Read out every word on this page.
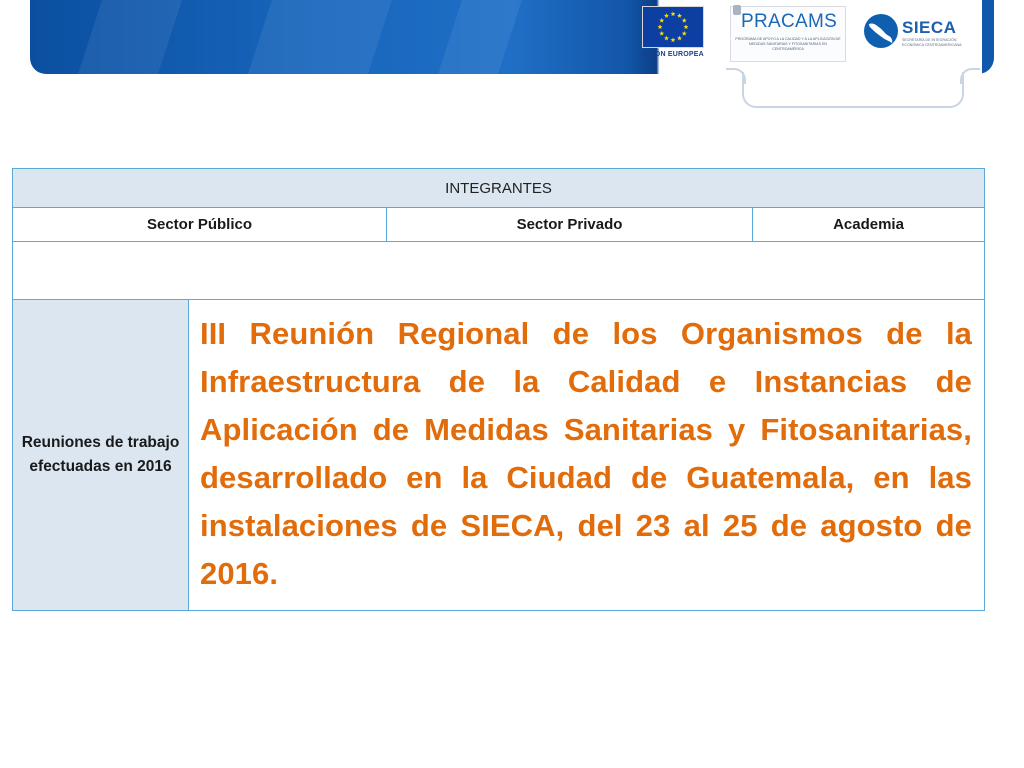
UNIÓN EUROPEA
PRACAMS
PROGRAMA DE APOYO A LA CALIDAD Y A LA APLICACIÓN DE MEDIDAS SANITARIAS Y FITOSANITARIAS EN CENTROAMÉRICA
SIECA
SECRETARÍA DE INTEGRACIÓN ECONÓMICA CENTROAMERICANA
INTEGRANTES			
Sector Público		Sector Privado	Academia

Reuniones de trabajo efectuadas en 2016	III Reunión Regional de los Organismos de la Infraestructura de la Calidad e Instancias de Aplicación de Medidas Sanitarias y Fitosanitarias, desarrollado en la Ciudad de Guatemala, en las instalaciones de SIECA, del 23 al 25 de agosto de 2016.		
